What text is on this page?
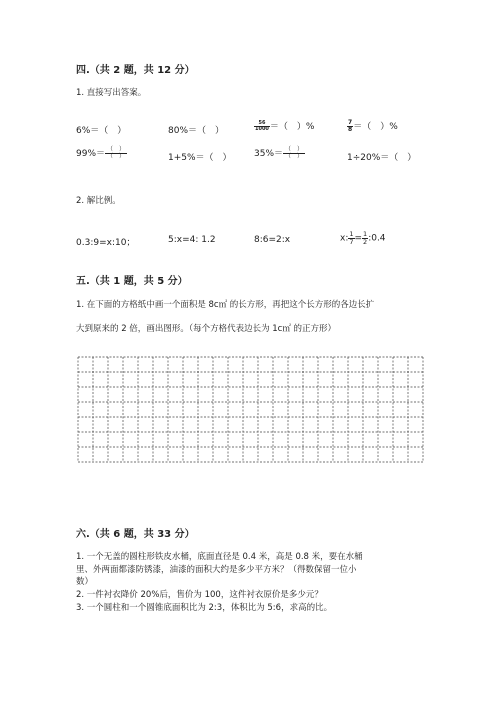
四.（共 2 题，共 12 分）
1. 直接写出答案。
6%＝（　）	80%＝（　）	$\frac{56}{1000}$ ＝（　）%	$\frac{7}{8}$ ＝（　）%
$99\%= \frac{( )}{( )}$	1+5%＝（　） $35\%= \frac{( )}{( )}$	1÷20%＝（　）
2. 解比例。
0.3:9=x:10；	5:x=4: 1.2	8:6=2:x	x: $\frac{1}{7} = \frac{1}{2}$ :0.4
五.（共 1 题，共 5 分）
1. 在下面的方格纸中画一个面积是 8c㎡ 的长方形，再把这个长方形的各边长扩
大到原来的 2 倍，画出图形。（每个方格代表边长为 1c㎡ 的正方形）
六.（共 6 题，共 33 分）
1. 一个无盖的圆柱形铁皮水桶，底面直径是 0.4 米，高是 0.8 米，要在水桶
里、外两面都漆防锈漆，油漆的面积大约是多少平方米？（得数保留一位小
数）
2. 一件衬衣降价 20%后，售价为 100，这件衬衣原价是多少元？
3. 一个圆柱和一个圆锥底面积比为 2:3，体积比为 5:6，求高的比。
